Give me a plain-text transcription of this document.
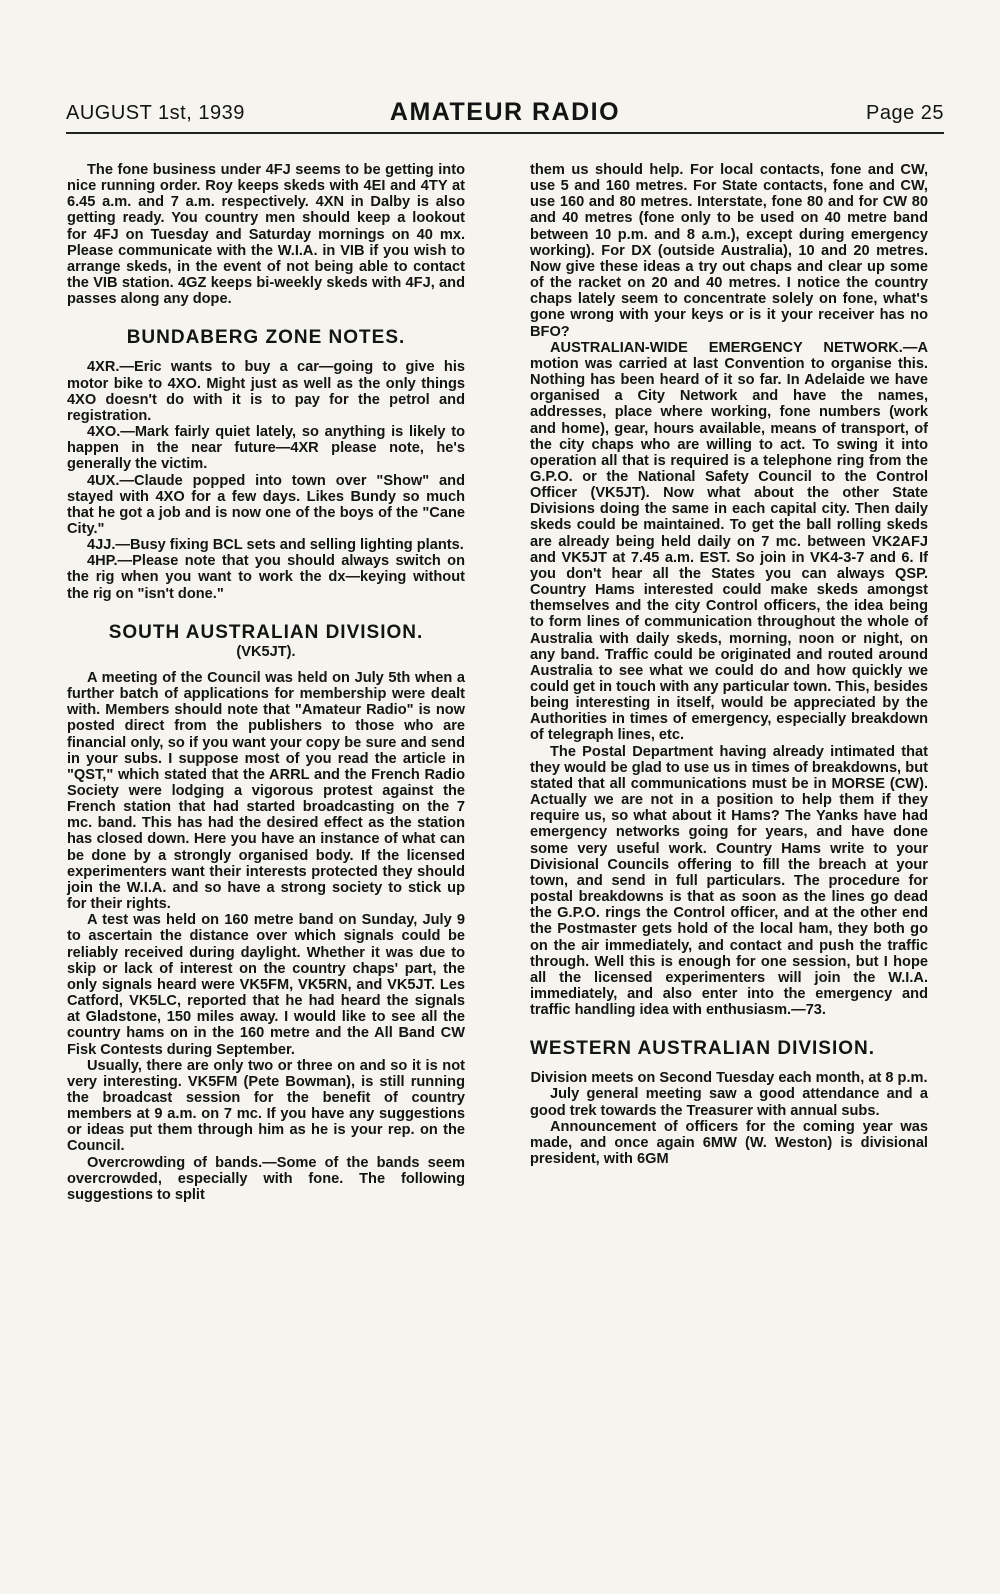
AUGUST 1st, 1939	AMATEUR RADIO	Page 25

The fone business under 4FJ seems to be getting into nice running order. Roy keeps skeds with 4EI and 4TY at 6.45 a.m. and 7 a.m. respectively. 4XN in Dalby is also getting ready. You country men should keep a lookout for 4FJ on Tuesday and Saturday mornings on 40 mx. Please communicate with the W.I.A. in VIB if you wish to arrange skeds, in the event of not being able to contact the VIB station. 4GZ keeps bi-weekly skeds with 4FJ, and passes along any dope.

BUNDABERG ZONE NOTES.

4XR.—Eric wants to buy a car—going to give his motor bike to 4XO. Might just as well as the only things 4XO doesn't do with it is to pay for the petrol and registration.

4XO.—Mark fairly quiet lately, so anything is likely to happen in the near future—4XR please note, he's generally the victim.

4UX.—Claude popped into town over "Show" and stayed with 4XO for a few days. Likes Bundy so much that he got a job and is now one of the boys of the "Cane City."

4JJ.—Busy fixing BCL sets and selling lighting plants.

4HP.—Please note that you should always switch on the rig when you want to work the dx—keying without the rig on "isn't done."

SOUTH AUSTRALIAN DIVISION.

(VK5JT).

A meeting of the Council was held on July 5th when a further batch of applications for membership were dealt with. Members should note that "Amateur Radio" is now posted direct from the publishers to those who are financial only, so if you want your copy be sure and send in your subs. I suppose most of you read the article in "QST," which stated that the ARRL and the French Radio Society were lodging a vigorous protest against the French station that had started broadcasting on the 7 mc. band. This has had the desired effect as the station has closed down. Here you have an instance of what can be done by a strongly organised body. If the licensed experimenters want their interests protected they should join the W.I.A. and so have a strong society to stick up for their rights.

A test was held on 160 metre band on Sunday, July 9 to ascertain the distance over which signals could be reliably received during daylight. Whether it was due to skip or lack of interest on the country chaps' part, the only signals heard were VK5FM, VK5RN, and VK5JT. Les Catford, VK5LC, reported that he had heard the signals at Gladstone, 150 miles away. I would like to see all the country hams on in the 160 metre and the All Band CW Fisk Contests during September.

Usually, there are only two or three on and so it is not very interesting. VK5FM (Pete Bowman), is still running the broadcast session for the benefit of country members at 9 a.m. on 7 mc. If you have any suggestions or ideas put them through him as he is your rep. on the Council.

Overcrowding of bands.—Some of the bands seem overcrowded, especially with fone. The following suggestions to split

them us should help. For local contacts, fone and CW, use 5 and 160 metres. For State contacts, fone and CW, use 160 and 80 metres. Interstate, fone 80 and for CW 80 and 40 metres (fone only to be used on 40 metre band between 10 p.m. and 8 a.m.), except during emergency working). For DX (outside Australia), 10 and 20 metres. Now give these ideas a try out chaps and clear up some of the racket on 20 and 40 metres. I notice the country chaps lately seem to concentrate solely on fone, what's gone wrong with your keys or is it your receiver has no BFO?

AUSTRALIAN-WIDE EMERGENCY NETWORK.—A motion was carried at last Convention to organise this. Nothing has been heard of it so far. In Adelaide we have organised a City Network and have the names, addresses, place where working, fone numbers (work and home), gear, hours available, means of transport, of the city chaps who are willing to act. To swing it into operation all that is required is a telephone ring from the G.P.O. or the National Safety Council to the Control Officer (VK5JT). Now what about the other State Divisions doing the same in each capital city. Then daily skeds could be maintained. To get the ball rolling skeds are already being held daily on 7 mc. between VK2AFJ and VK5JT at 7.45 a.m. EST. So join in VK4-3-7 and 6. If you don't hear all the States you can always QSP. Country Hams interested could make skeds amongst themselves and the city Control officers, the idea being to form lines of communication throughout the whole of Australia with daily skeds, morning, noon or night, on any band. Traffic could be originated and routed around Australia to see what we could do and how quickly we could get in touch with any particular town. This, besides being interesting in itself, would be appreciated by the Authorities in times of emergency, especially breakdown of telegraph lines, etc.

The Postal Department having already intimated that they would be glad to use us in times of breakdowns, but stated that all communications must be in MORSE (CW). Actually we are not in a position to help them if they require us, so what about it Hams? The Yanks have had emergency networks going for years, and have done some very useful work. Country Hams write to your Divisional Councils offering to fill the breach at your town, and send in full particulars. The procedure for postal breakdowns is that as soon as the lines go dead the G.P.O. rings the Control officer, and at the other end the Postmaster gets hold of the local ham, they both go on the air immediately, and contact and push the traffic through. Well this is enough for one session, but I hope all the licensed experimenters will join the W.I.A. immediately, and also enter into the emergency and traffic handling idea with enthusiasm.—73.

WESTERN AUSTRALIAN DIVISION.

Division meets on Second Tuesday each month, at 8 p.m.

July general meeting saw a good attendance and a good trek towards the Treasurer with annual subs.

Announcement of officers for the coming year was made, and once again 6MW (W. Weston) is divisional president, with 6GM
